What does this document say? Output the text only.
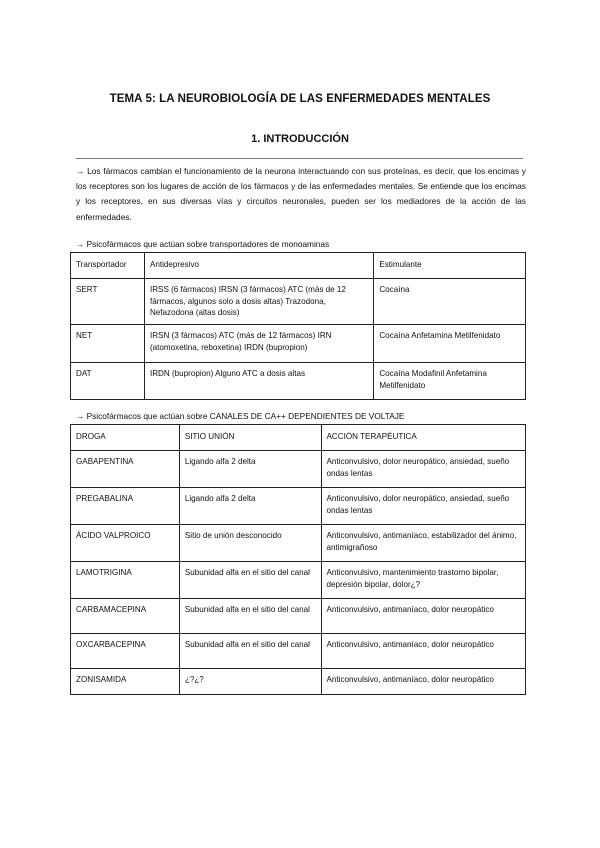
TEMA 5: LA NEUROBIOLOGÍA DE LAS ENFERMEDADES MENTALES
1. INTRODUCCIÓN
→ Los fármacos cambian el funcionamiento de la neurona interactuando con sus proteínas, es decir, que los encimas y los receptores son los lugares de acción de los fármacos y de las enfermedades mentales. Se entiende que los encimas y los receptores, en sus diversas vías y circuitos neuronales, pueden ser los mediadores de la acción de las enfermedades.
→ Psicofármacos que actúan sobre transportadores de monoaminas
Transportador	Antidepresivo	Estimulante
SERT	IRSS (6 fármacos) IRSN (3 fármacos) ATC (más de 12 fármacos, algunos solo a dosis altas) Trazodona, Nefazodona (altas dosis)	Cocaína
NET	IRSN (3 fármacos) ATC (más de 12 fármacos) IRN (atomoxetina, reboxetina) IRDN (bupropion)	Cocaína Anfetamina Metilfenidato
DAT	IRDN (bupropion) Alguno ATC a dosis altas	Cocaína Modafinil Anfetamina Metilfenidato
→ Psicofármacos que actúan sobre CANALES DE CA++ DEPENDIENTES DE VOLTAJE
DROGA	SITIO UNIÓN	ACCIÓN TERAPÉUTICA
GABAPENTINA	Ligando alfa 2 delta	Anticonvulsivo, dolor neuropático, ansiedad, sueño ondas lentas
PREGABALINA	Ligando alfa 2 delta	Anticonvulsivo, dolor neuropático, ansiedad, sueño ondas lentas
ÁCIDO VALPROICO	Sitio de unión desconocido	Anticonvulsivo, antimaníaco, estabilizador del ánimo, antimigrañoso
LAMOTRIGINA	Subunidad alfa en el sitio del canal	Anticonvulsivo, mantenimiento trastorno bipolar, depresión bipolar, dolor¿?
CARBAMACEPINA	Subunidad alfa en el sitio del canal	Anticonvulsivo, antimaníaco, dolor neuropático
OXCARBACEPINA	Subunidad alfa en el sitio del canal	Anticonvulsivo, antimaníaco, dolor neuropático
ZONISAMIDA	¿?¿?	Anticonvulsivo, antimaníaco, dolor neuropático
